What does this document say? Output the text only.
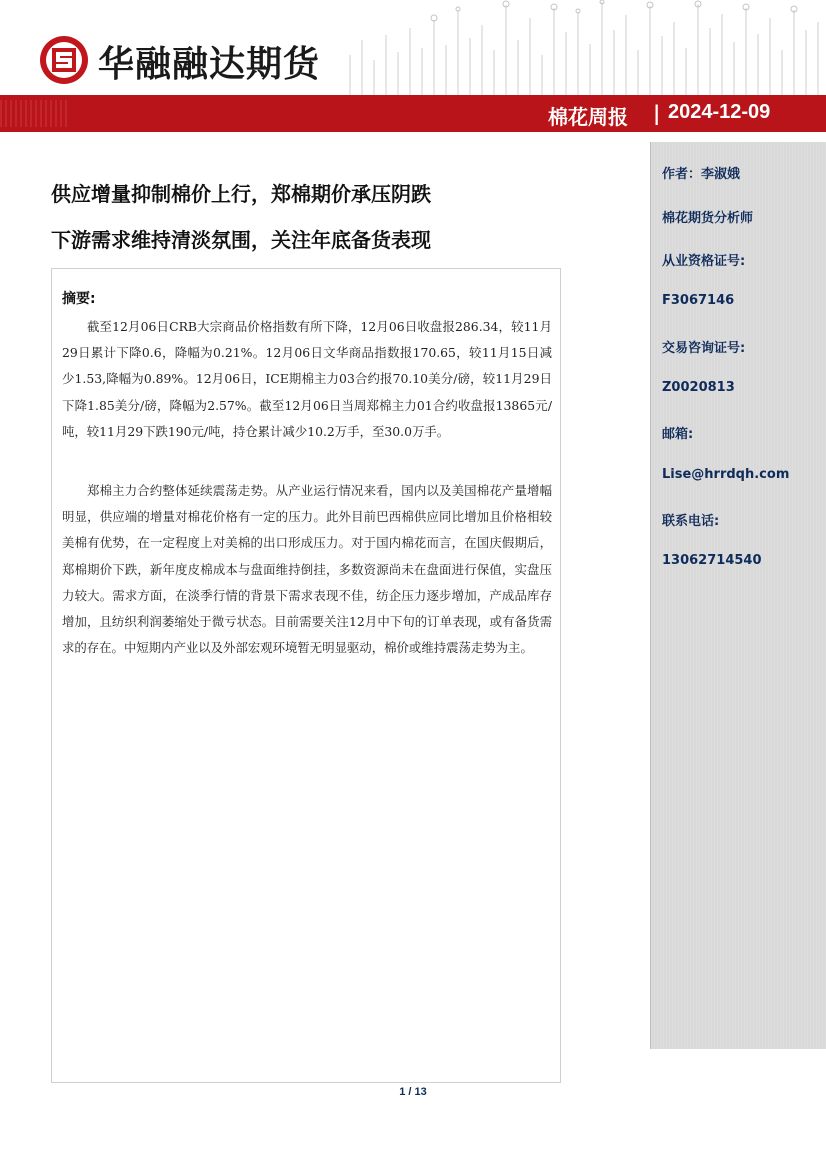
华融融达期货
棉花周报 | 2024-12-09
供应增量抑制棉价上行，郑棉期价承压阴跌
下游需求维持清淡氛围，关注年底备货表现
摘要:

截至12月06日CRB大宗商品价格指数有所下降，12月06日收盘报286.34，较11月29日累计下降0.6，降幅为0.21%。12月06日文华商品指数报170.65，较11月15日减少1.53,降幅为0.89%。12月06日，ICE期棉主力03合约报70.10美分/磅，较11月29日下降1.85美分/磅，降幅为2.57%。截至12月06日当周郑棉主力01合约收盘报13865元/吨，较11月29下跌190元/吨，持仓累计减少10.2万手，至30.0万手。

郑棉主力合约整体延续震荡走势。从产业运行情况来看，国内以及美国棉花产量增幅明显，供应端的增量对棉花价格有一定的压力。此外目前巴西棉供应同比增加且价格相较美棉有优势，在一定程度上对美棉的出口形成压力。对于国内棉花而言，在国庆假期后，郑棉期价下跌，新年度皮棉成本与盘面维持倒挂，多数资源尚未在盘面进行保值，实盘压力较大。需求方面，在淡季行情的背景下需求表现不佳，纺企压力逐步增加，产成品库存增加，且纺织利润萎缩处于微亏状态。目前需要关注12月中下旬的订单表现，或有备货需求的存在。中短期内产业以及外部宏观环境暂无明显驱动，棉价或维持震荡走势为主。

作者：李淑娥
棉花期货分析师
从业资格证号:
F3067146
交易咨询证号:
Z0020813
邮箱:
Lise@hrrdqh.com
联系电话:
13062714540
1 / 13
